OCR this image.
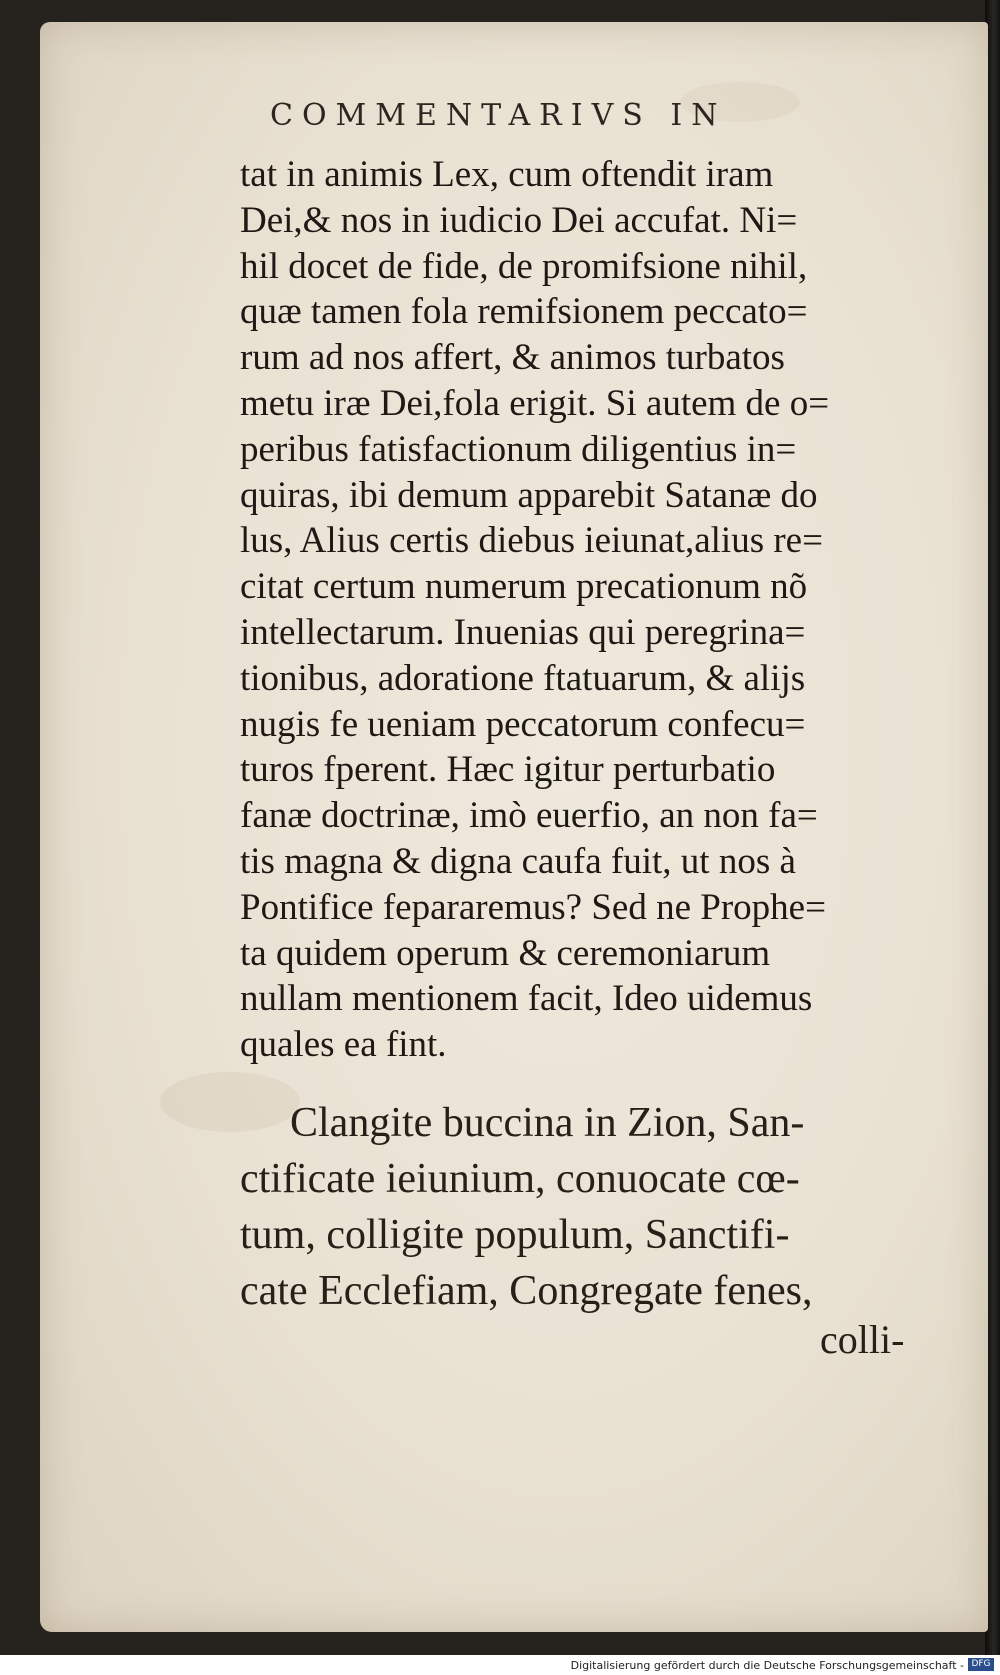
COMMENTARIVS IN
tat in animis Lex, cum oftendit iram
Dei,& nos in iudicio Dei accufat. Ni=
hil docet de fide, de promifsione nihil,
quæ tamen fola remifsionem peccato=
rum ad nos affert, & animos turbatos
metu iræ Dei,fola erigit. Si autem de o=
peribus fatisfactionum diligentius in=
quiras, ibi demum apparebit Satanæ do
lus, Alius certis diebus ieiunat,alius re=
citat certum numerum precationum nõ
intellectarum. Inuenias qui peregrina=
tionibus, adoratione ftatuarum, & alijs
nugis fe ueniam peccatorum confecu=
turos fperent. Hæc igitur perturbatio
fanæ doctrinæ, imò euerfio, an non fa=
tis magna & digna caufa fuit, ut nos à
Pontifice fepararemus? Sed ne Prophe=
ta quidem operum & ceremoniarum
nullam mentionem facit, Ideo uidemus
quales ea fint.
Clangite buccina in Zion, San-
ctificate ieiunium, conuocate cœ-
tum, colligite populum, Sanctifi-
cate Ecclefiam, Congregate fenes,
colli-
Digitalisierung gefördert durch die Deutsche Forschungsgemeinschaft - DFG
